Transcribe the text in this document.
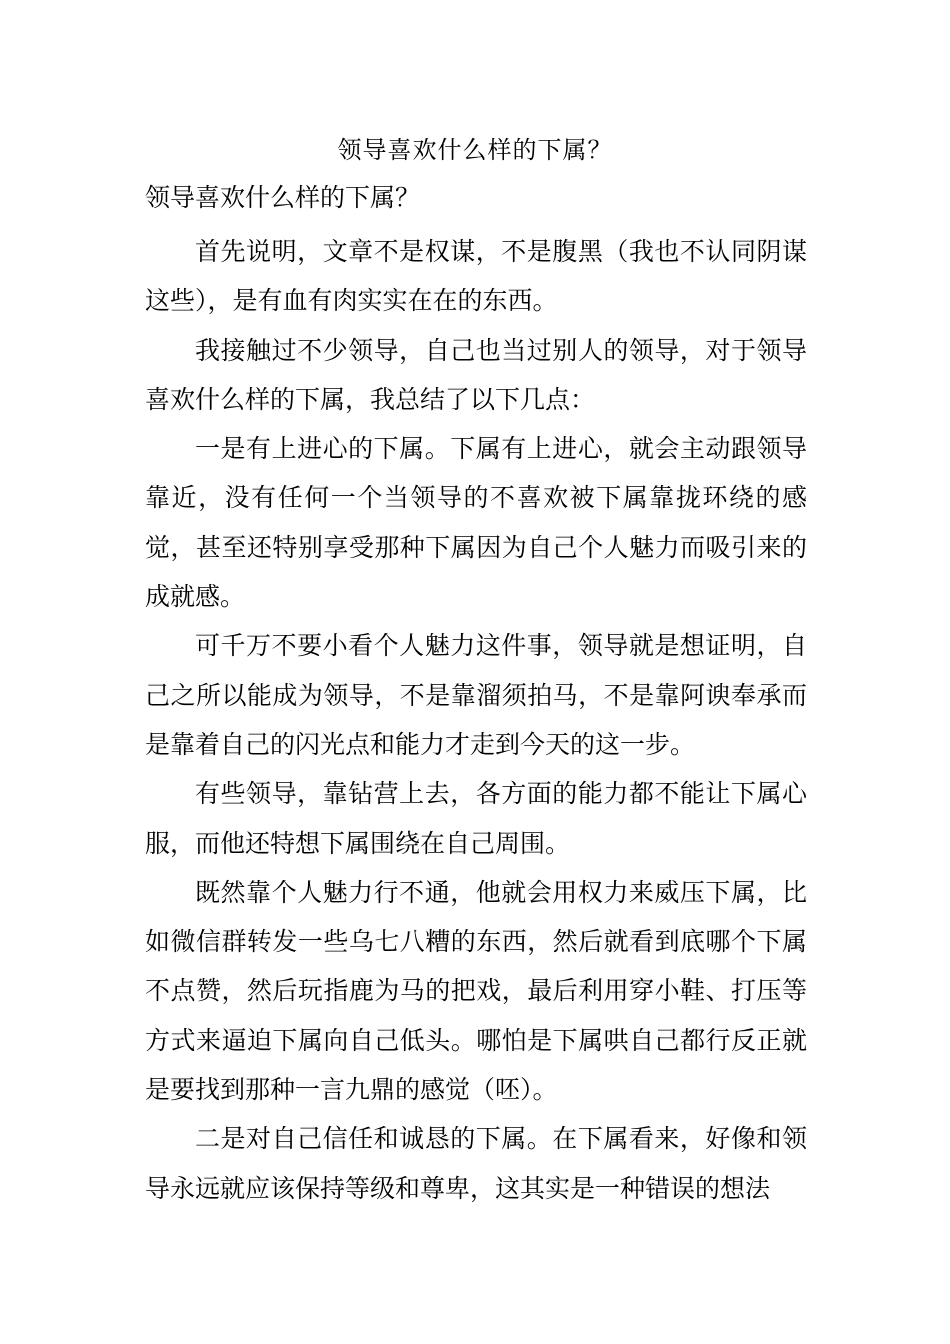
领导喜欢什么样的下属？
领导喜欢什么样的下属？

首先说明，文章不是权谋，不是腹黑（我也不认同阴谋这些），是有血有肉实实在在的东西。

我接触过不少领导，自己也当过别人的领导，对于领导喜欢什么样的下属，我总结了以下几点：

一是有上进心的下属。下属有上进心，就会主动跟领导靠近，没有任何一个当领导的不喜欢被下属靠拢环绕的感觉，甚至还特别享受那种下属因为自己个人魅力而吸引来的成就感。

可千万不要小看个人魅力这件事，领导就是想证明，自己之所以能成为领导，不是靠溜须拍马，不是靠阿谀奉承而是靠着自己的闪光点和能力才走到今天的这一步。

有些领导，靠钻营上去，各方面的能力都不能让下属心服，而他还特想下属围绕在自己周围。

既然靠个人魅力行不通，他就会用权力来威压下属，比如微信群转发一些乌七八糟的东西，然后就看到底哪个下属不点赞，然后玩指鹿为马的把戏，最后利用穿小鞋、打压等方式来逼迫下属向自己低头。哪怕是下属哄自己都行反正就是要找到那种一言九鼎的感觉（呸）。

二是对自己信任和诚恳的下属。在下属看来，好像和领导永远就应该保持等级和尊卑，这其实是一种错误的想法
